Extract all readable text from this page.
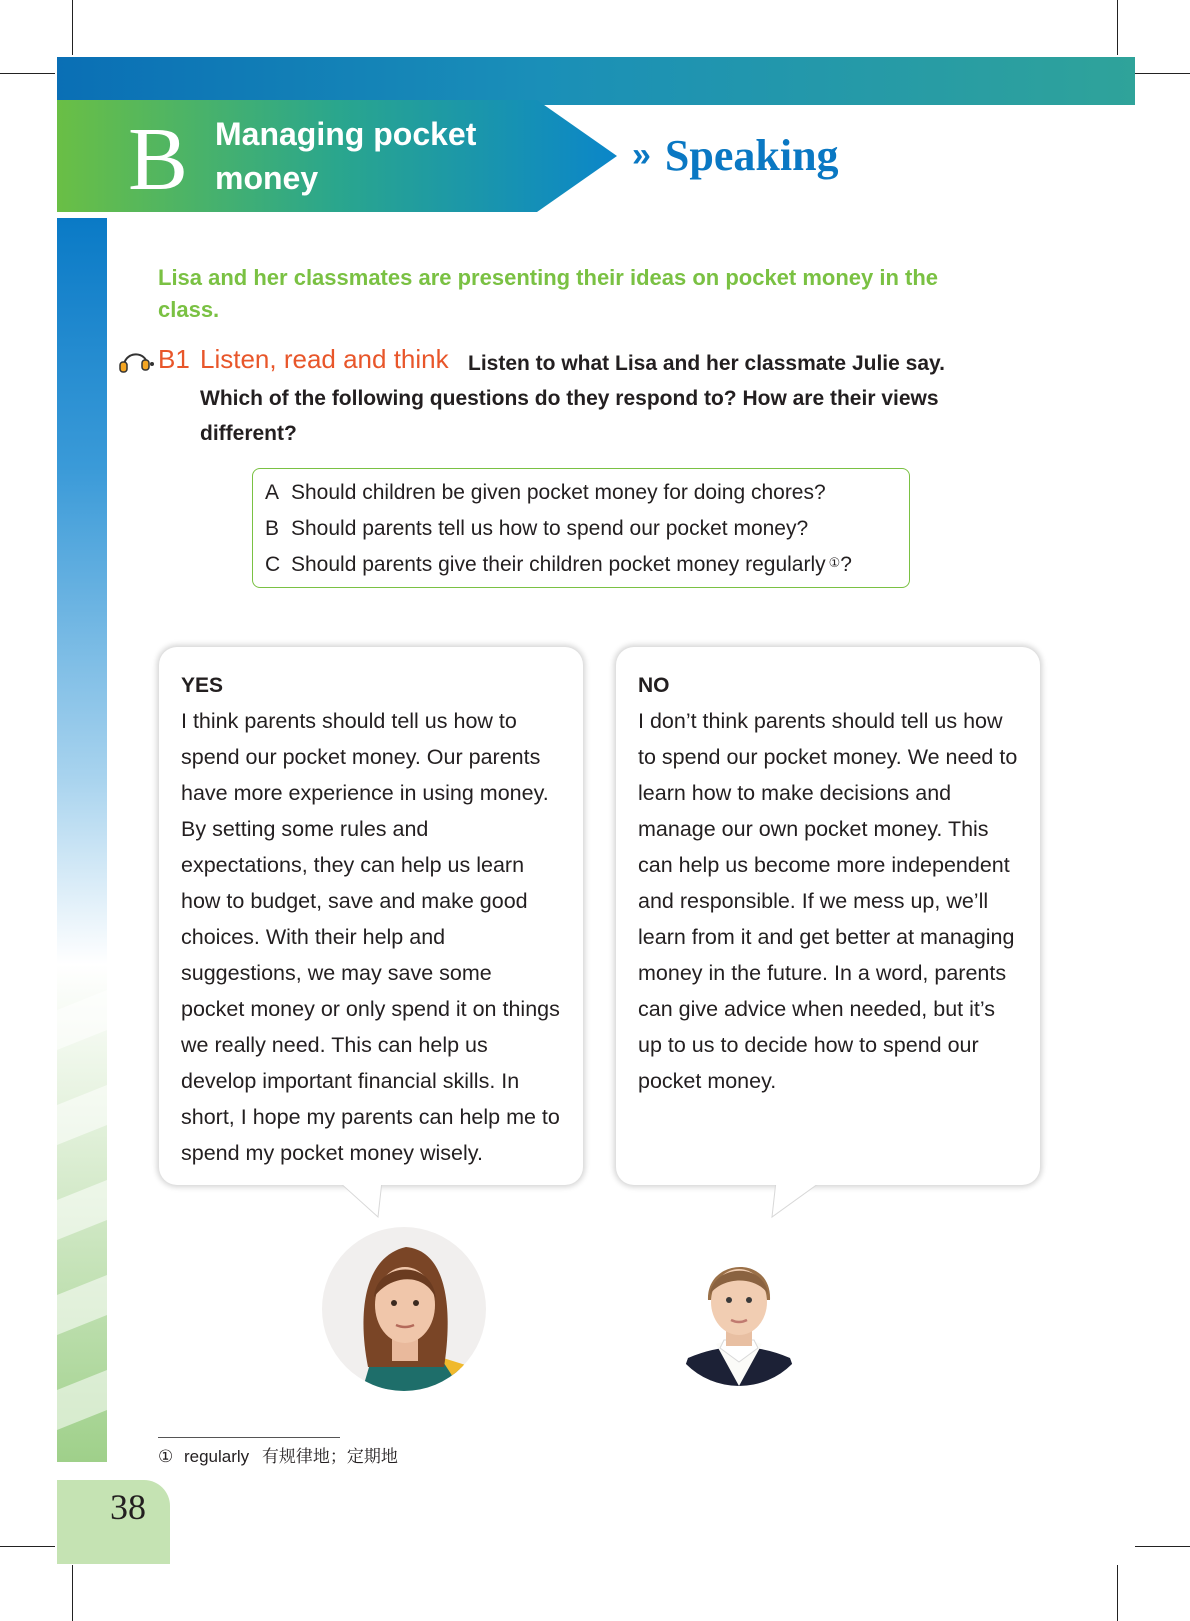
B Managing pocket money
» Speaking
Lisa and her classmates are presenting their ideas on pocket money in the class.
B1 Listen, read and think Listen to what Lisa and her classmate Julie say. Which of the following questions do they respond to? How are their views different?
A Should children be given pocket money for doing chores?
B Should parents tell us how to spend our pocket money?
C Should parents give their children pocket money regularly ①?
YES
I think parents should tell us how to spend our pocket money. Our parents have more experience in using money. By setting some rules and expectations, they can help us learn how to budget, save and make good choices. With their help and suggestions, we may save some pocket money or only spend it on things we really need. This can help us develop important financial skills. In short, I hope my parents can help me to spend my pocket money wisely.
NO
I don’t think parents should tell us how to spend our pocket money. We need to learn how to make decisions and manage our own pocket money. This can help us become more independent and responsible. If we mess up, we’ll learn from it and get better at managing money in the future. In a word, parents can give advice when needed, but it’s up to us to decide how to spend our pocket money.
① regularly 有规律地；定期地
38
